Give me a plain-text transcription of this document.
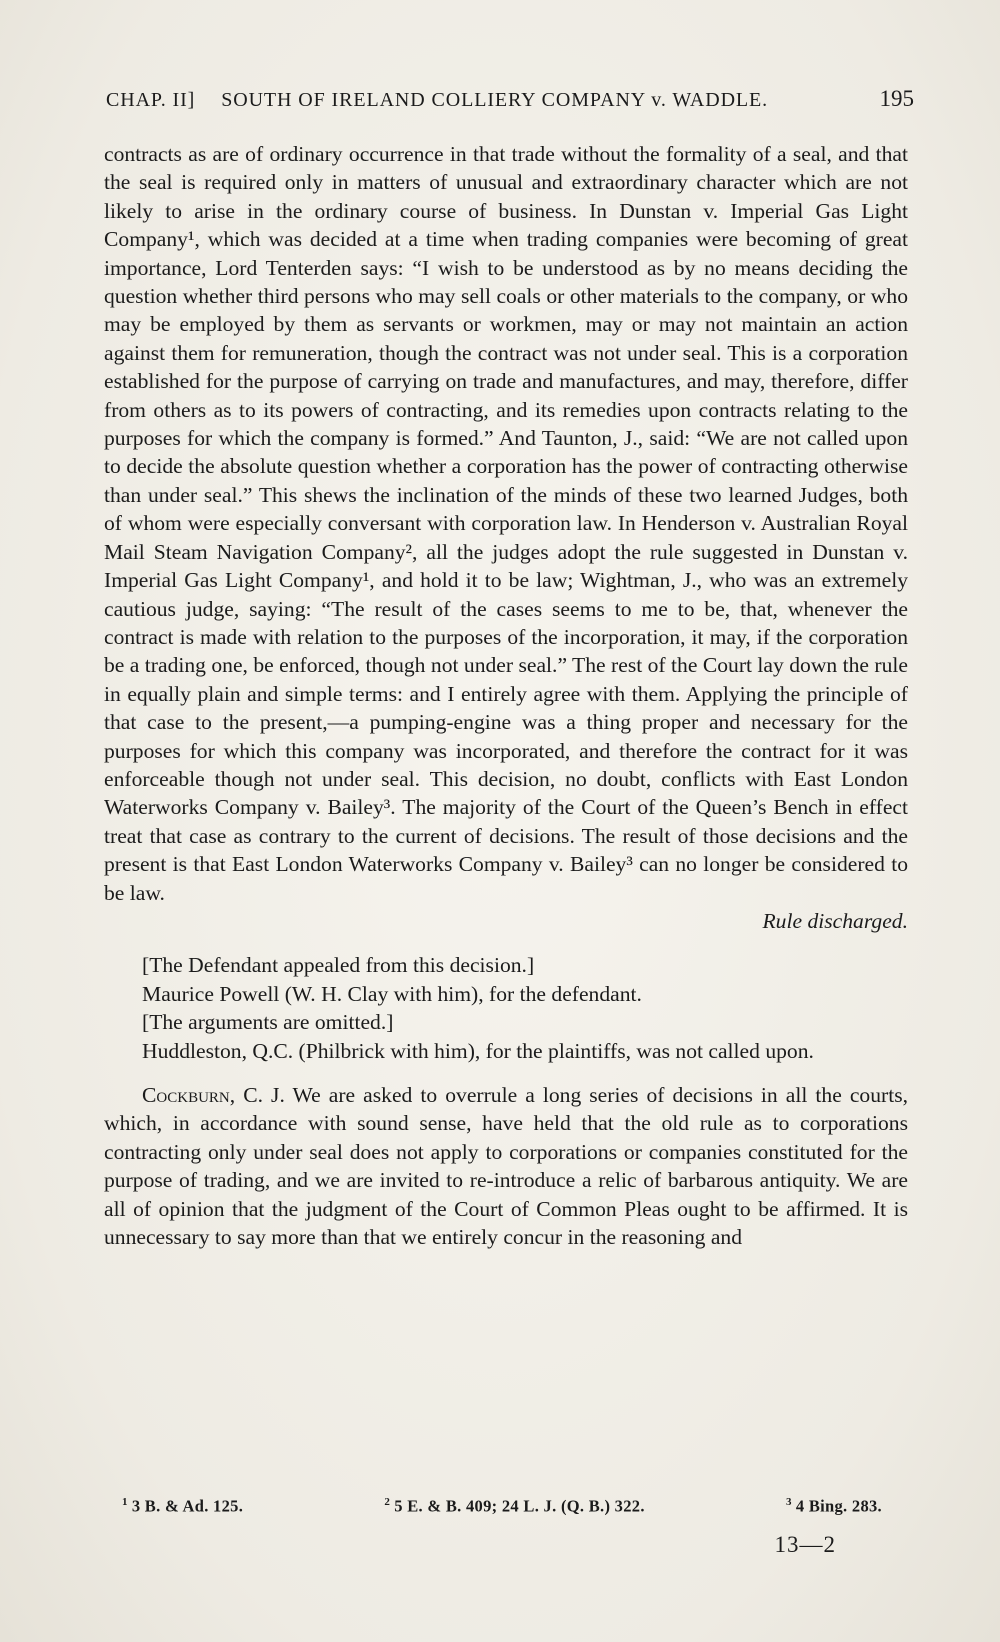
CHAP. II] SOUTH OF IRELAND COLLIERY COMPANY v. WADDLE.	195

contracts as are of ordinary occurrence in that trade without the formality of a seal, and that the seal is required only in matters of unusual and extraordinary character which are not likely to arise in the ordinary course of business. In Dunstan v. Imperial Gas Light Company¹, which was decided at a time when trading companies were becoming of great importance, Lord Tenterden says: “I wish to be understood as by no means deciding the question whether third persons who may sell coals or other materials to the company, or who may be employed by them as servants or workmen, may or may not maintain an action against them for remuneration, though the contract was not under seal. This is a corporation established for the purpose of carrying on trade and manufactures, and may, therefore, differ from others as to its powers of contracting, and its remedies upon contracts relating to the purposes for which the company is formed.” And Taunton, J., said: “We are not called upon to decide the absolute question whether a corporation has the power of contracting otherwise than under seal.” This shews the inclination of the minds of these two learned Judges, both of whom were especially conversant with corporation law. In Henderson v. Australian Royal Mail Steam Navigation Company², all the judges adopt the rule suggested in Dunstan v. Imperial Gas Light Company¹, and hold it to be law; Wightman, J., who was an extremely cautious judge, saying: “The result of the cases seems to me to be, that, whenever the contract is made with relation to the purposes of the incorporation, it may, if the corporation be a trading one, be enforced, though not under seal.” The rest of the Court lay down the rule in equally plain and simple terms: and I entirely agree with them. Applying the principle of that case to the present,—a pumping-engine was a thing proper and necessary for the purposes for which this company was incorporated, and therefore the contract for it was enforceable though not under seal. This decision, no doubt, conflicts with East London Waterworks Company v. Bailey³. The majority of the Court of the Queen’s Bench in effect treat that case as contrary to the current of decisions. The result of those decisions and the present is that East London Waterworks Company v. Bailey³ can no longer be considered to be law.

Rule discharged.

[The Defendant appealed from this decision.]

Maurice Powell (W. H. Clay with him), for the defendant.

[The arguments are omitted.]

Huddleston, Q.C. (Philbrick with him), for the plaintiffs, was not called upon.

Cockburn, C. J. We are asked to overrule a long series of decisions in all the courts, which, in accordance with sound sense, have held that the old rule as to corporations contracting only under seal does not apply to corporations or companies constituted for the purpose of trading, and we are invited to re-introduce a relic of barbarous antiquity. We are all of opinion that the judgment of the Court of Common Pleas ought to be affirmed. It is unnecessary to say more than that we entirely concur in the reasoning and

$^1$ 3 B. & Ad. 125.	$^2$ 5 E. & B. 409; 24 L. J. (Q. B.) 322.	$^3$ 4 Bing. 283.
13—2
